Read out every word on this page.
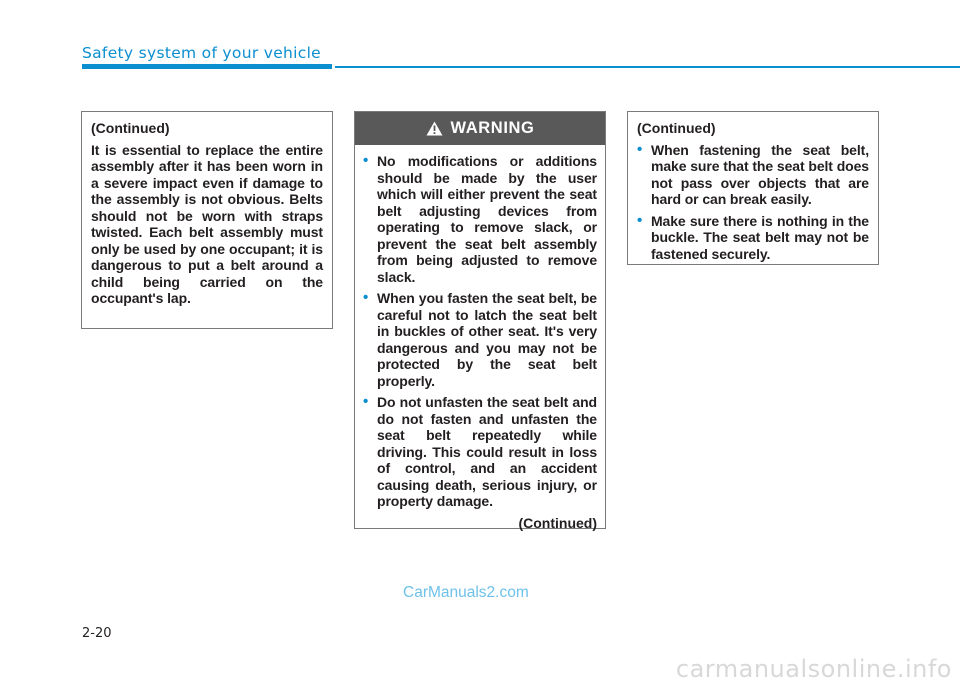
Safety system of your vehicle
(Continued)
It is essential to replace the entire assembly after it has been worn in a severe impact even if damage to the assembly is not obvious. Belts should not be worn with straps twisted. Each belt assembly must only be used by one occupant; it is dangerous to put a belt around a child being carried on the occupant's lap.
WARNING
• No modifications or additions should be made by the user which will either prevent the seat belt adjusting devices from operating to remove slack, or prevent the seat belt assembly from being adjusted to remove slack.
• When you fasten the seat belt, be careful not to latch the seat belt in buckles of other seat. It's very dangerous and you may not be protected by the seat belt properly.
• Do not unfasten the seat belt and do not fasten and unfasten the seat belt repeatedly while driving. This could result in loss of control, and an accident causing death, serious injury, or property damage.
(Continued)
(Continued)
• When fastening the seat belt, make sure that the seat belt does not pass over objects that are hard or can break easily.
• Make sure there is nothing in the buckle. The seat belt may not be fastened securely.
CarManuals2.com
2-20
carmanualsonline.info
